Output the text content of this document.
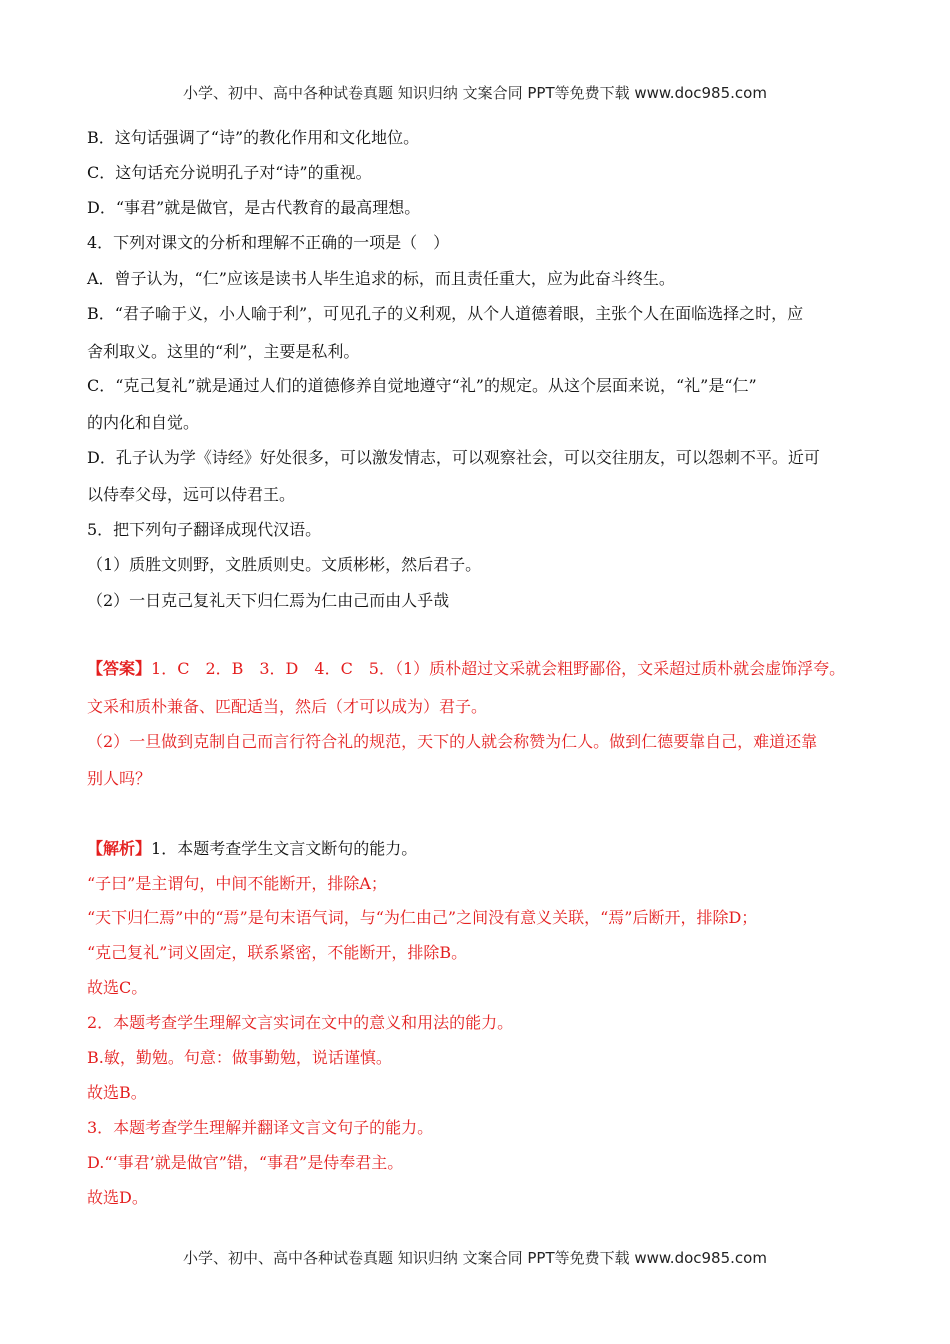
小学、初中、高中各种试卷真题 知识归纳 文案合同 PPT等免费下载 www.doc985.com
B．这句话强调了“诗”的教化作用和文化地位。
C．这句话充分说明孔子对“诗”的重视。
D．“事君”就是做官，是古代教育的最高理想。
4．下列对课文的分析和理解不正确的一项是（　）
A．曾子认为，“仁”应该是读书人毕生追求的标，而且责任重大，应为此奋斗终生。
B．“君子喻于义，小人喻于利”，可见孔子的义利观，从个人道德着眼，主张个人在面临选择之时，应
舍利取义。这里的“利”，主要是私利。
C．“克己复礼”就是通过人们的道德修养自觉地遵守“礼”的规定。从这个层面来说，“礼”是“仁”
的内化和自觉。
D．孔子认为学《诗经》好处很多，可以激发情志，可以观察社会，可以交往朋友，可以怨刺不平。近可
以侍奉父母，远可以侍君王。
5．把下列句子翻译成现代汉语。
（1）质胜文则野，文胜质则史。文质彬彬，然后君子。
（2）一日克己复礼天下归仁焉为仁由己而由人乎哉
【答案】1．C　2．B　3．D　4．C　5．（1）质朴超过文采就会粗野鄙俗，文采超过质朴就会虚饰浮夸。
文采和质朴兼备、匹配适当，然后（才可以成为）君子。
（2）一旦做到克制自己而言行符合礼的规范，天下的人就会称赞为仁人。做到仁德要靠自己，难道还靠
别人吗？
【解析】1．本题考查学生文言文断句的能力。
“子曰”是主谓句，中间不能断开，排除A；
“天下归仁焉”中的“焉”是句末语气词，与“为仁由己”之间没有意义关联，“焉”后断开，排除D；
“克己复礼”词义固定，联系紧密，不能断开，排除B。
故选C。
2．本题考查学生理解文言实词在文中的意义和用法的能力。
B.敏，勤勉。句意：做事勤勉，说话谨慎。
故选B。
3．本题考查学生理解并翻译文言文句子的能力。
D.“‘事君’就是做官”错，“事君”是侍奉君主。
故选D。
小学、初中、高中各种试卷真题 知识归纳 文案合同 PPT等免费下载 www.doc985.com
